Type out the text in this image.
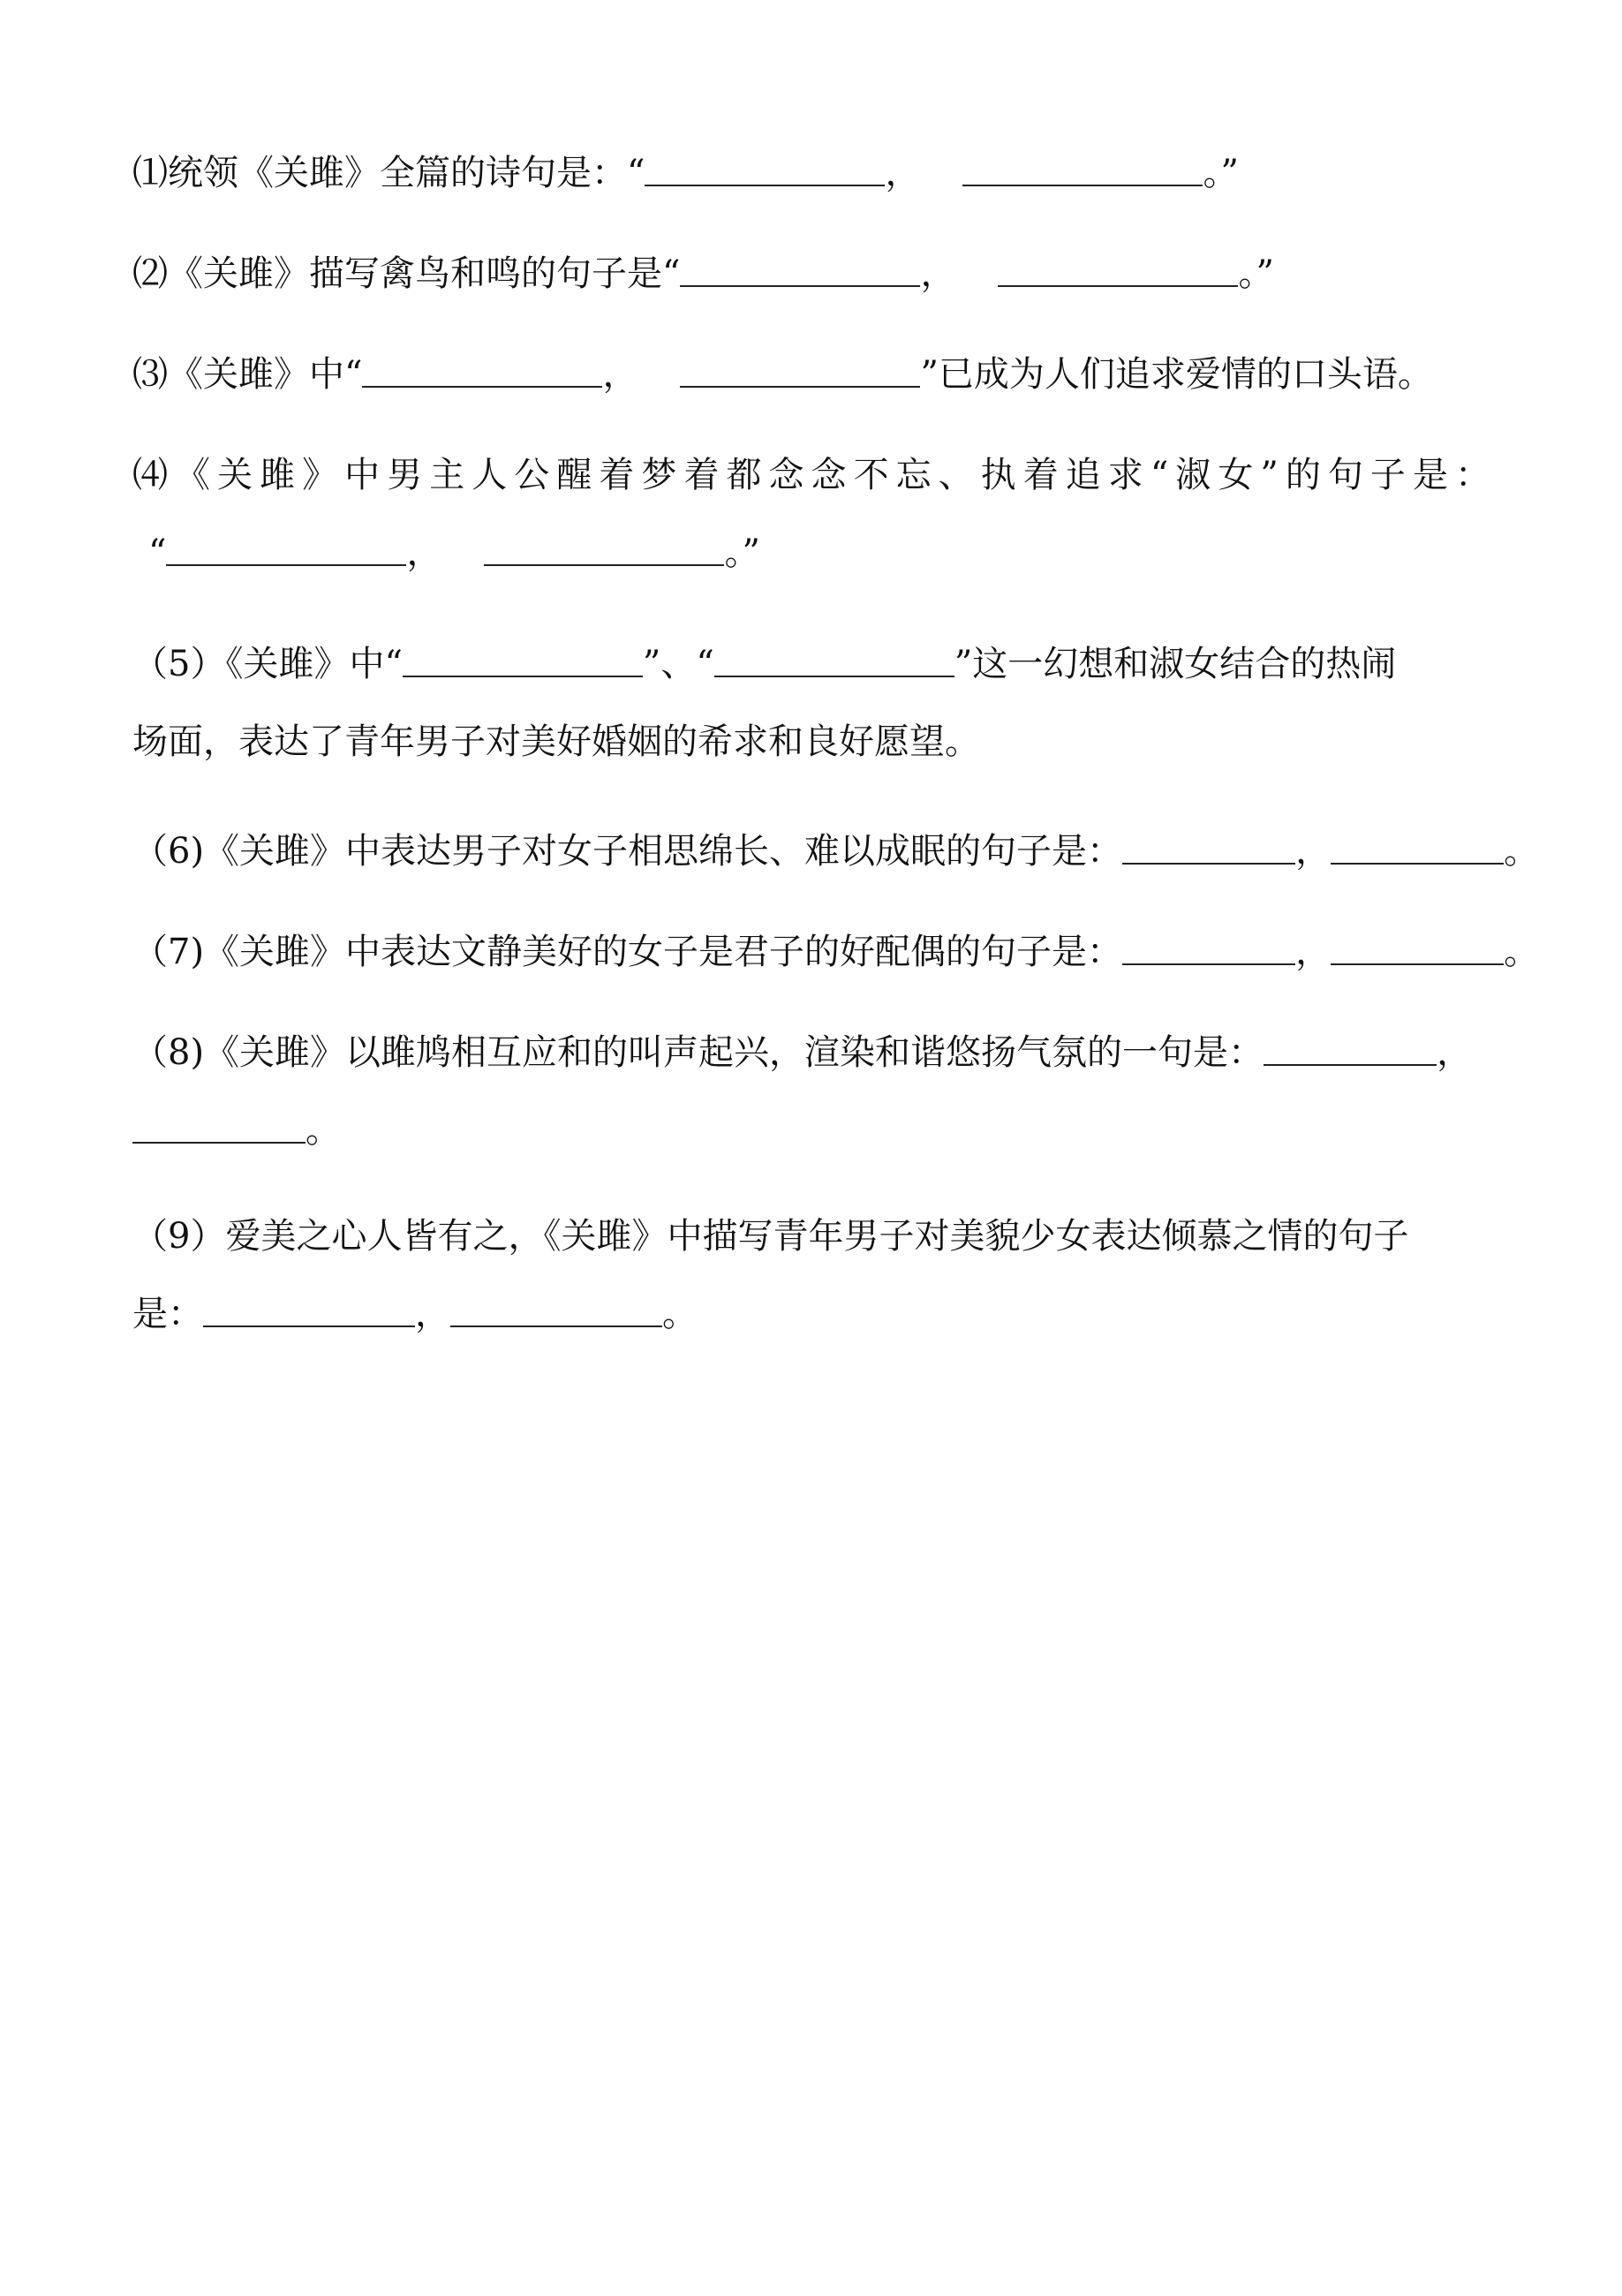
⑴统领《关雎》全篇的诗句是：“	，	。”
⑵《关雎》描写禽鸟和鸣的句子是“	，	。”
⑶《关雎》中“	，	”已成为人们追求爱情的口头语。
⑷《关雎》中男主人公醒着梦着都念念不忘、执着追求“淑女”的句子是：
“	，	。”
（5）《关雎》中“	”、“	”这一幻想和淑女结合的热闹
场面，表达了青年男子对美好婚姻的希求和良好愿望。
（6)《关雎》中表达男子对女子相思绵长、难以成眠的句子是：	，	。
（7)《关雎》中表达文静美好的女子是君子的好配偶的句子是：	，	。
（8)《关雎》以雎鸠相互应和的叫声起兴，渲染和谐悠扬气氛的一句是：	，
。
（9）爱美之心人皆有之，《关雎》中描写青年男子对美貌少女表达倾慕之情的句子
是：	，	。
